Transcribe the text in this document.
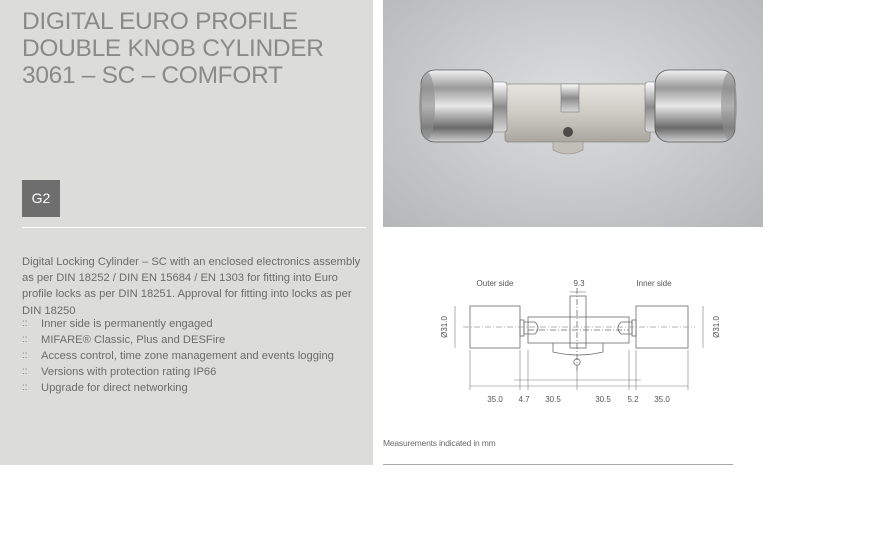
DIGITAL EURO PROFILE
DOUBLE KNOB CYLINDER
3061 – SC – COMFORT
G2

Digital Locking Cylinder – SC with an enclosed electronics assembly as per DIN 18252 / DIN EN 15684 / EN 1303 for fitting into Euro profile locks as per DIN 18251. Approval for fitting into locks as per DIN 18250

:: Inner side is permanently engaged
:: MIFARE® Classic, Plus and DESFire
:: Access control, time zone management and events logging
:: Versions with protection rating IP66
:: Upgrade for direct networking
Outer side	Inner side
9.3
Ø31.0	Ø31.0
35.0 4.7 30.5	30.5 5.2 35.0
Measurements indicated in mm
